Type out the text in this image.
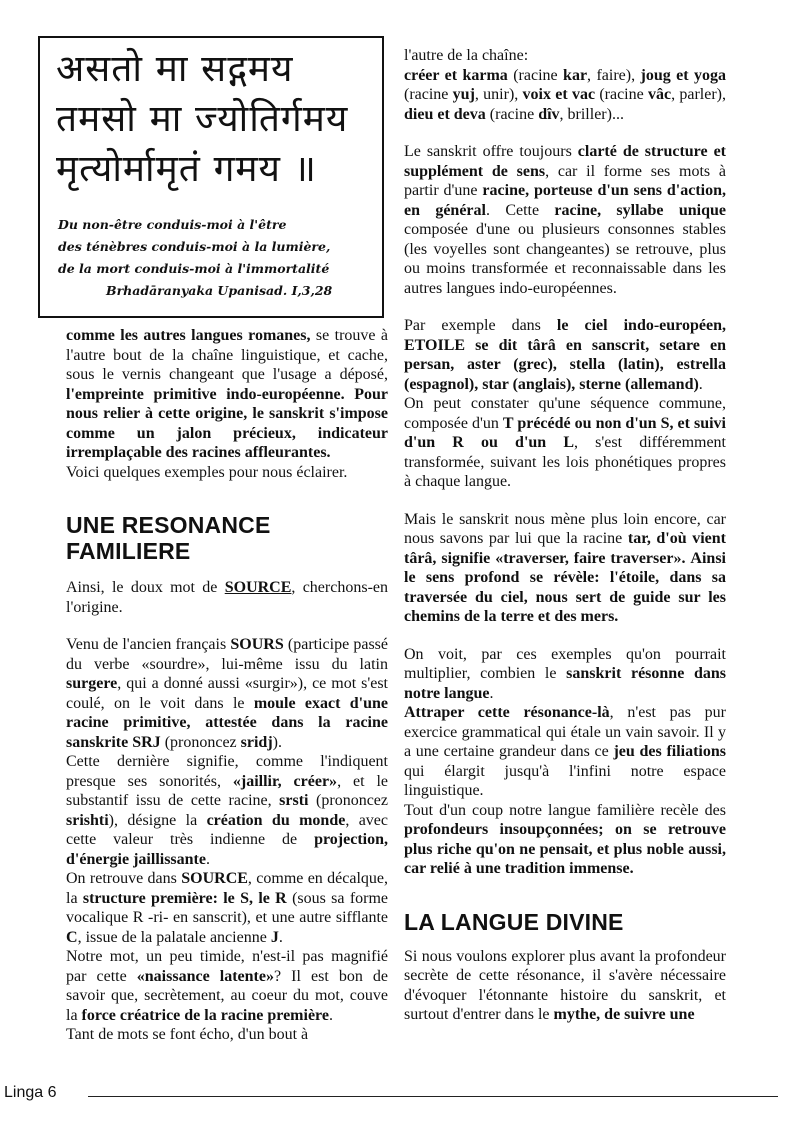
असतो मा सद्गमय
तमसो मा ज्योतिर्गमय
मृत्योर्मामृतं गमय ॥
Du non-être conduis-moi à l'être
des ténèbres conduis-moi à la lumière,
de la mort conduis-moi à l'immortalité
Brhadāranyaka Upanisad. I,3,28

comme les autres langues romanes, se trouve à l'autre bout de la chaîne linguistique, et cache, sous le vernis changeant que l'usage a déposé, l'empreinte primitive indo-européenne. Pour nous relier à cette origine, le sanskrit s'impose comme un jalon précieux, indicateur irremplaçable des racines affleurantes.

Voici quelques exemples pour nous éclairer.

UNE RESONANCE
FAMILIERE

Ainsi, le doux mot de SOURCE, cherchons-en l'origine.

Venu de l'ancien français SOURS (participe passé du verbe «sourdre», lui-même issu du latin surgere, qui a donné aussi «surgir»), ce mot s'est coulé, on le voit dans le moule exact d'une racine primitive, attestée dans la racine sanskrite SRJ (prononcez sridj).

Cette dernière signifie, comme l'indiquent presque ses sonorités, «jaillir, créer», et le substantif issu de cette racine, srsti (prononcez srishti), désigne la création du monde, avec cette valeur très indienne de projection, d'énergie jaillissante.

On retrouve dans SOURCE, comme en décalque, la structure première: le S, le R (sous sa forme vocalique R -ri- en sanscrit), et une autre sifflante C, issue de la palatale ancienne J.

Notre mot, un peu timide, n'est-il pas magnifié par cette «naissance latente»? Il est bon de savoir que, secrètement, au coeur du mot, couve la force créatrice de la racine première.

Tant de mots se font écho, d'un bout à

l'autre de la chaîne:
créer et karma (racine kar, faire), joug et yoga (racine yuj, unir), voix et vac (racine vâc, parler), dieu et deva (racine dîv, briller)...

Le sanskrit offre toujours clarté de structure et supplément de sens, car il forme ses mots à partir d'une racine, porteuse d'un sens d'action, en général. Cette racine, syllabe unique composée d'une ou plusieurs consonnes stables (les voyelles sont changeantes) se retrouve, plus ou moins transformée et reconnaissable dans les autres langues indo-européennes.

Par exemple dans le ciel indo-européen, ETOILE se dit târâ en sanscrit, setare en persan, aster (grec), stella (latin), estrella (espagnol), star (anglais), sterne (allemand).

On peut constater qu'une séquence commune, composée d'un T précédé ou non d'un S, et suivi d'un R ou d'un L, s'est différemment transformée, suivant les lois phonétiques propres à chaque langue.

Mais le sanskrit nous mène plus loin encore, car nous savons par lui que la racine tar, d'où vient târâ, signifie «traverser, faire traverser». Ainsi le sens profond se révèle: l'étoile, dans sa traversée du ciel, nous sert de guide sur les chemins de la terre et des mers.

On voit, par ces exemples qu'on pourrait multiplier, combien le sanskrit résonne dans notre langue.

Attraper cette résonance-là, n'est pas pur exercice grammatical qui étale un vain savoir. Il y a une certaine grandeur dans ce jeu des filiations qui élargit jusqu'à l'infini notre espace linguistique.

Tout d'un coup notre langue familière recèle des profondeurs insoupçonnées; on se retrouve plus riche qu'on ne pensait, et plus noble aussi, car relié à une tradition immense.

LA LANGUE DIVINE

Si nous voulons explorer plus avant la profondeur secrète de cette résonance, il s'avère nécessaire d'évoquer l'étonnante histoire du sanskrit, et surtout d'entrer dans le mythe, de suivre une

Linga 6
